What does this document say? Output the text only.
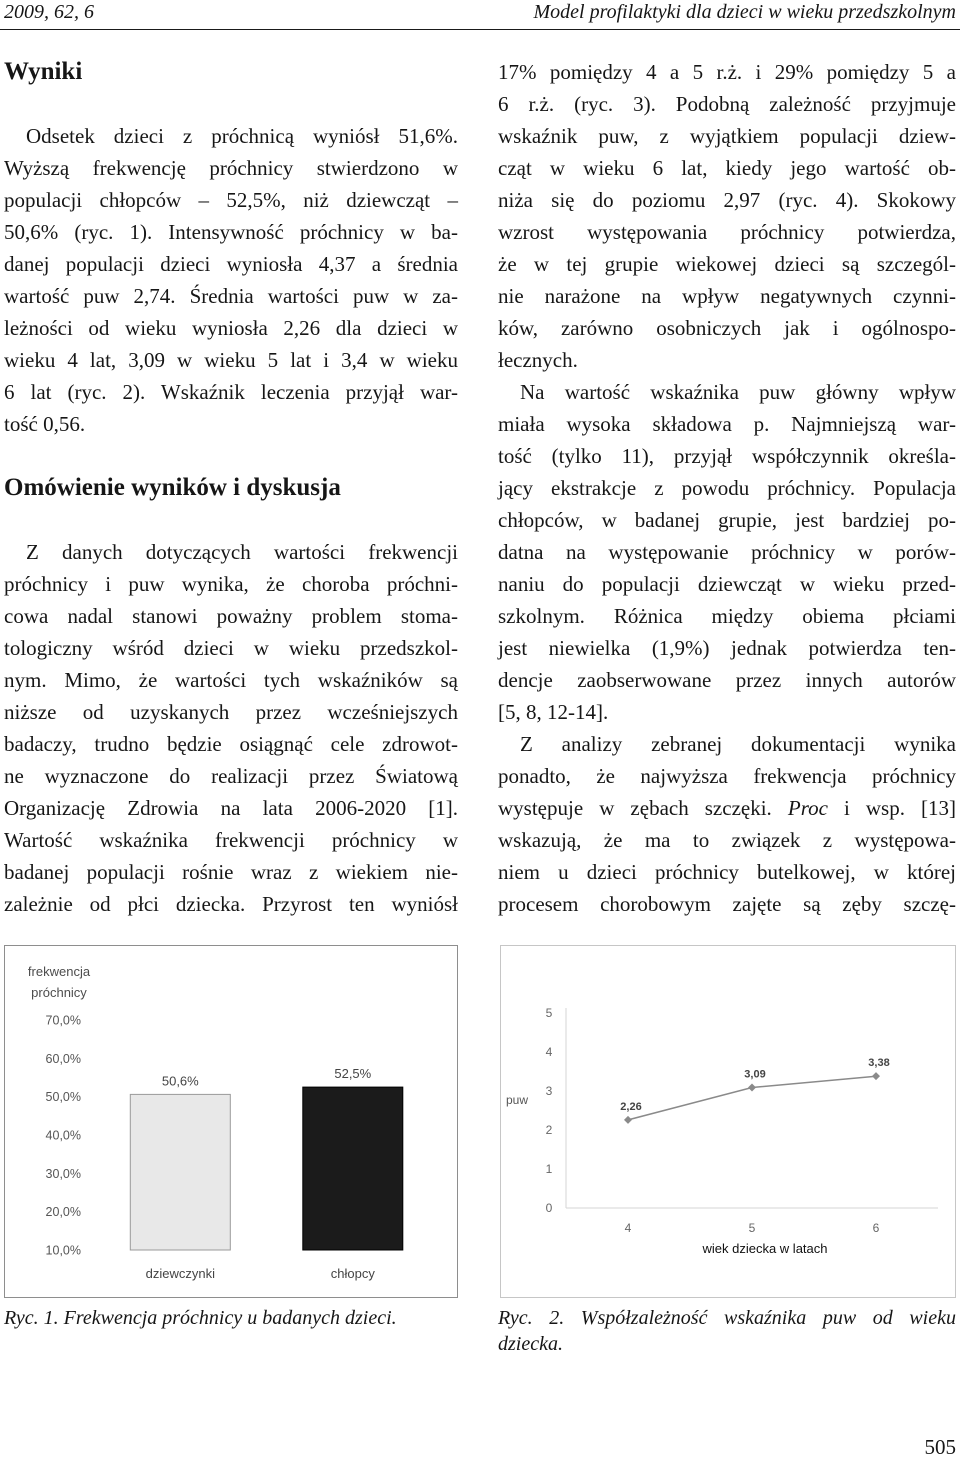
2009, 62, 6	Model profilaktyki dla dzieci w wieku przedszkolnym
Wyniki
Odsetek dzieci z próchnicą wyniósł 51,6%.
Wyższą frekwencję próchnicy stwierdzono w
populacji chłopców – 52,5%, niż dziewcząt –
50,6% (ryc. 1). Intensywność próchnicy w ba-
danej populacji dzieci wyniosła 4,37 a średnia
wartość puw 2,74. Średnia wartości puw w za-
leżności od wieku wyniosła 2,26 dla dzieci w
wieku 4 lat, 3,09 w wieku 5 lat i 3,4 w wieku
6 lat (ryc. 2). Wskaźnik leczenia przyjął war-
tość 0,56.
Omówienie wyników i dyskusja
Z danych dotyczących wartości frekwencji
próchnicy i puw wynika, że choroba próchni-
cowa nadal stanowi poważny problem stoma-
tologiczny wśród dzieci w wieku przedszkol-
nym. Mimo, że wartości tych wskaźników są
niższe od uzyskanych przez wcześniejszych
badaczy, trudno będzie osiągnąć cele zdrowot-
ne wyznaczone do realizacji przez Światową
Organizację Zdrowia na lata 2006-2020 [1].
Wartość wskaźnika frekwencji próchnicy w
badanej populacji rośnie wraz z wiekiem nie-
zależnie od płci dziecka. Przyrost ten wyniósł
17% pomiędzy 4 a 5 r.ż. i 29% pomiędzy 5 a
6 r.ż. (ryc. 3). Podobną zależność przyjmuje
wskaźnik puw, z wyjątkiem populacji dziew-
cząt w wieku 6 lat, kiedy jego wartość ob-
niża się do poziomu 2,97 (ryc. 4). Skokowy
wzrost występowania próchnicy potwierdza,
że w tej grupie wiekowej dzieci są szczegól-
nie narażone na wpływ negatywnych czynni-
ków, zarówno osobniczych jak i ogólnospo-
łecznych.
Na wartość wskaźnika puw główny wpływ
miała wysoka składowa p. Najmniejszą war-
tość (tylko 11), przyjął współczynnik określa-
jący ekstrakcje z powodu próchnicy. Populacja
chłopców, w badanej grupie, jest bardziej po-
datna na występowanie próchnicy w porów-
naniu do populacji dziewcząt w wieku przed-
szkolnym. Różnica między obiema płciami
jest niewielka (1,9%) jednak potwierdza ten-
dencje zaobserwowane przez innych autorów
[5, 8, 12-14].
Z analizy zebranej dokumentacji wynika
ponadto, że najwyższa frekwencja próchnicy
występuje w zębach szczęki. Proc i wsp. [13]
wskazują, że ma to związek z występowa-
niem u dzieci próchnicy butelkowej, w której
procesem chorobowym zajęte są zęby szczę-
frekwencja
próchnicy
10,0%
20,0%
30,0%
40,0%
50,0%
60,0%
70,0%
50,6%
dziewczynki
52,5%
chłopcy
puw
0
1
2
3
4
5
4	5	6
wiek dziecka w latach
2,26
3,09
3,38
Ryc. 1. Frekwencja próchnicy u badanych dzieci.	Ryc. 2. Współzależność wskaźnika puw od wieku
dziecka.
505
